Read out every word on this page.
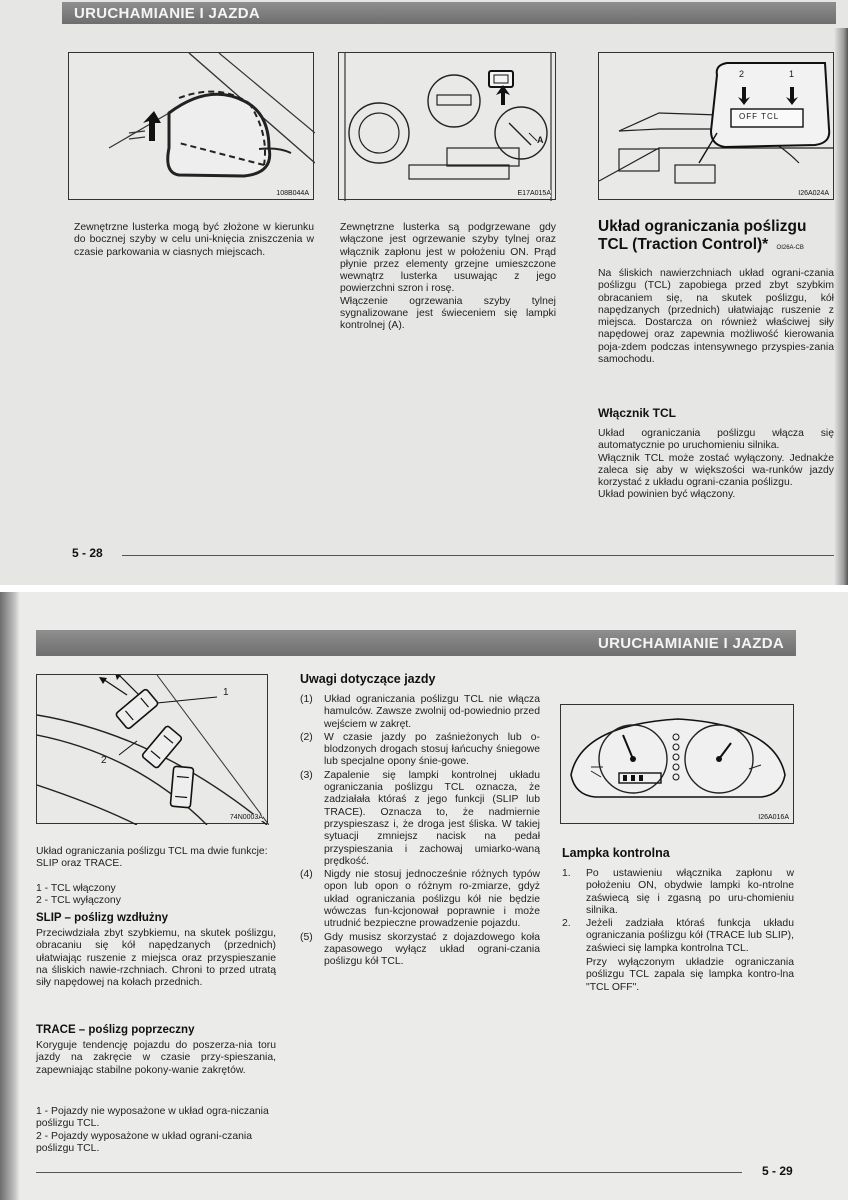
URUCHAMIANIE I JAZDA
108B044A
A
E17A015A
2	1
OFF TCL
I26A024A

Zewnętrzne lusterka mogą być złożone w kierunku do bocznej szyby w celu uni-knięcia zniszczenia w czasie parkowania w ciasnych miejscach.

Zewnętrzne lusterka są podgrzewane gdy włączone jest ogrzewanie szyby tylnej oraz włącznik zapłonu jest w położeniu ON. Prąd płynie przez elementy grzejne umieszczone wewnątrz lusterka usuwając z jego powierzchni szron i rosę.

Włączenie ogrzewania szyby tylnej sygnalizowane jest świeceniem się lampki kontrolnej (A).

Układ ograniczania poślizgu
TCL (Traction Control)* OI26A-CB

Na śliskich nawierzchniach układ ograni-czania poślizgu (TCL) zapobiega przed zbyt szybkim obracaniem się, na skutek poślizgu, kół napędzanych (przednich) ułatwiając ruszenie z miejsca. Dostarcza on również właściwej siły napędowej oraz zapewnia możliwość kierowania poja-zdem podczas intensywnego przyspies-zania samochodu.

Włącznik TCL

Układ ograniczania poślizgu włącza się automatycznie po uruchomieniu silnika.

Włącznik TCL może zostać wyłączony. Jednakże zaleca się aby w większości wa-runków jazdy korzystać z układu ograni-czania poślizgu.

Układ powinien być włączony.

5 - 28
URUCHAMIANIE I JAZDA
1
2
74N0003A	I26A016A

Układ ograniczania poślizgu TCL ma dwie funkcje: SLIP oraz TRACE.

1 - TCL włączony

2 - TCL wyłączony

SLIP – poślizg wzdłużny

Przeciwdziała zbyt szybkiemu, na skutek poślizgu, obracaniu się kół napędzanych (przednich) ułatwiając ruszenie z miejsca oraz przyspieszanie na śliskich nawie-rzchniach. Chroni to przed utratą siły napędowej na kołach przednich.

TRACE – poślizg poprzeczny

Koryguje tendencję pojazdu do poszerza-nia toru jazdy na zakręcie w czasie przy-spieszania, zapewniając stabilne pokony-wanie zakrętów.

1 - Pojazdy nie wyposażone w układ ogra-niczania poślizgu TCL.

2 - Pojazdy wyposażone w układ ograni-czania poślizgu TCL.

Uwagi dotyczące jazdy
(1)	Układ ograniczania poślizgu TCL nie włącza hamulców. Zawsze zwolnij od-powiednio przed wejściem w zakręt.
(2)	W czasie jazdy po zaśnieżonych lub o-blodzonych drogach stosuj łańcuchy śniegowe lub specjalne opony śnie-gowe.
(3)	Zapalenie się lampki kontrolnej układu ograniczania poślizgu TCL oznacza, że zadziałała któraś z jego funkcji (SLIP lub TRACE). Oznacza to, że nadmiernie przyspieszasz i, że droga jest śliska. W takiej sytuacji zmniejsz nacisk na pedał przyspieszania i zachowaj umiarko-waną prędkość.
(4)	Nigdy nie stosuj jednocześnie różnych typów opon lub opon o różnym ro-zmiarze, gdyż układ ograniczania poślizgu kół nie będzie wówczas fun-kcjonował poprawnie i może utrudnić bezpieczne prowadzenie pojazdu.
(5)	Gdy musisz skorzystać z dojazdowego koła zapasowego wyłącz układ ograni-czania poślizgu kół TCL.
Lampka kontrolna
1.	Po ustawieniu włącznika zapłonu w położeniu ON, obydwie lampki ko-ntrolne zaświecą się i zgasną po uru-chomieniu silnika.
2.	Jeżeli zadziała któraś funkcja układu ograniczania poślizgu kół (TRACE lub SLIP), zaświeci się lampka kontrolna TCL.

Przy wyłączonym układzie ograniczania poślizgu TCL zapala się lampka kontro-lna "TCL OFF".

5 - 29
